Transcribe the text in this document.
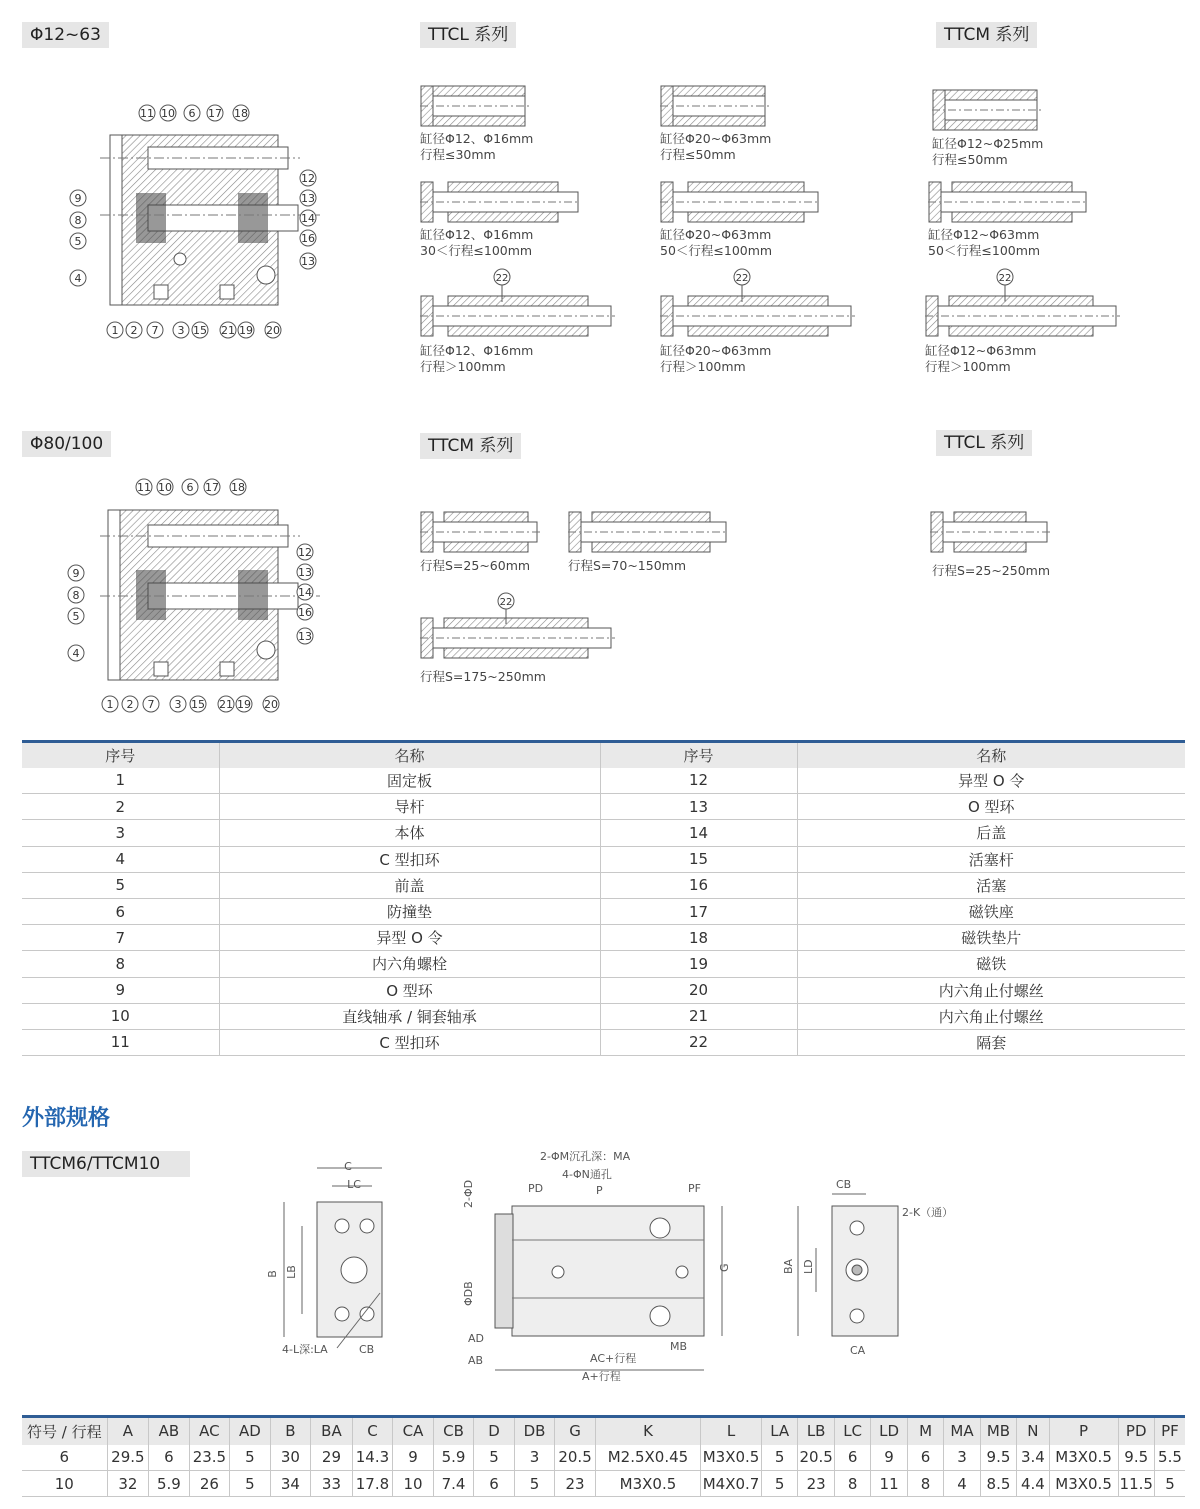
Φ12~63	TTCL 系列	TTCM 系列
Φ80/100	TTCM 系列	TTCL 系列
11 10 6 17 18
12
13
14
16
13
9
8
5
4
1 2 7 3 15 21 19 20
11 10 6 17 18
12
13
14
16
13
9
8
5
4
1 2 7 3 15 21 19 20
22	22	22
22
缸径Φ12、Φ16mm
行程≤30mm
缸径Φ20~Φ63mm
行程≤50mm
缸径Φ12~Φ25mm
行程≤50mm
缸径Φ12、Φ16mm
30＜行程≤100mm
缸径Φ20~Φ63mm
50＜行程≤100mm
缸径Φ12~Φ63mm
50＜行程≤100mm
缸径Φ12、Φ16mm
行程＞100mm
缸径Φ20~Φ63mm
行程＞100mm
缸径Φ12~Φ63mm
行程＞100mm
行程S=25~60mm	行程S=70~150mm	行程S=25~250mm
行程S=175~250mm
序号	名称	序号	名称
1	固定板	12	异型 O 令
2	导杆	13	O 型环
3	本体	14	后盖
4	C 型扣环	15	活塞杆
5	前盖	16	活塞
6	防撞垫	17	磁铁座
7	异型 O 令	18	磁铁垫片
8	内六角螺栓	19	磁铁
9	O 型环	20	内六角止付螺丝
10	直线轴承 / 铜套轴承	21	内六角止付螺丝
11	C 型扣环	22	隔套
外部规格
TTCM6/TTCM10	C
LC
B LB
4-L深:LA	CB
2-ΦM沉孔深：MA
4-ΦN通孔
PD	P	PF
2-ΦD
ΦDB
G
AD
AB
MB
AC+行程
A+行程
CB
2-K（通）
BA LD
CA
符号 / 行程	A	AB	AC	AD	B	BA	C	CA	CB	D	DB	G	K	L	LA	LB	LC	LD	M	MA	MB	N	P	PD	PF
6	29.5	6	23.5	5	30	29	14.3	9	5.9	5	3	20.5	M2.5X0.45	M3X0.5	5	20.5	6	9	6	3	9.5	3.4	M3X0.5	9.5	5.5
10	32	5.9	26	5	34	33	17.8	10	7.4	6	5	23	M3X0.5	M4X0.7	5	23	8	11	8	4	8.5	4.4	M3X0.5	11.5	5
